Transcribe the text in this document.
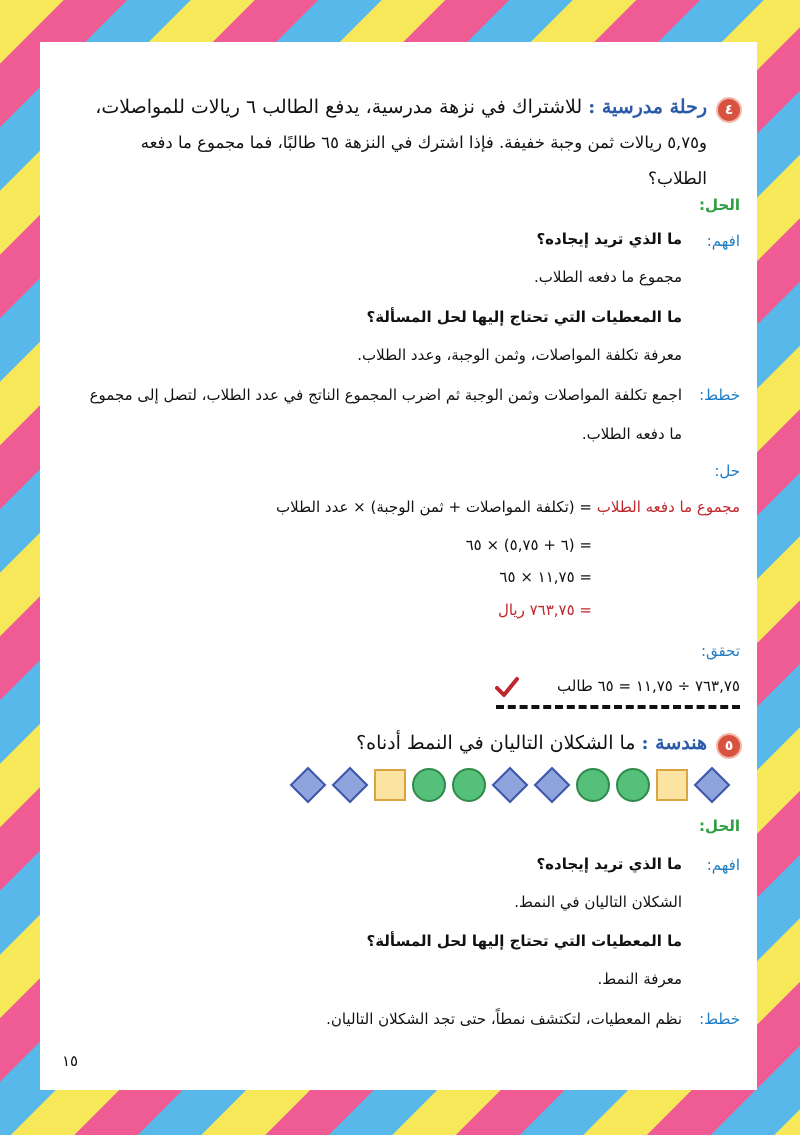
٤
رحلة مدرسية : للاشتراك في نزهة مدرسية، يدفع الطالب ٦ ريالات للمواصلات،
و٥,٧٥ ريالات ثمن وجبة خفيفة. فإذا اشترك في النزهة ٦٥ طالبًا، فما مجموع ما دفعه
الطلاب؟
الحل:
افهم:
ما الذي تريد إيجاده؟
مجموع ما دفعه الطلاب.
ما المعطيات التي تحتاج إليها لحل المسألة؟
معرفة تكلفة المواصلات، وثمن الوجبة، وعدد الطلاب.
خطط:
اجمع تكلفة المواصلات وثمن الوجبة ثم اضرب المجموع الناتج في عدد الطلاب، لتصل إلى مجموع
ما دفعه الطلاب.
حل:
مجموع ما دفعه الطلاب = (تكلفة المواصلات + ثمن الوجبة) × عدد الطلاب
= (٦ + ٥,٧٥) × ٦٥
= ١١,٧٥ × ٦٥
= ٧٦٣,٧٥ ريال
تحقق:
٧٦٣,٧٥ ÷ ١١,٧٥ = ٦٥ طالب
٥
هندسة : ما الشكلان التاليان في النمط أدناه؟
الحل:
افهم:
ما الذي تريد إيجاده؟
الشكلان التاليان في النمط.
ما المعطيات التي تحتاج إليها لحل المسألة؟
معرفة النمط.
خطط:
نظم المعطيات، لتكتشف نمطاً، حتى تجد الشكلان التاليان.
١٥
